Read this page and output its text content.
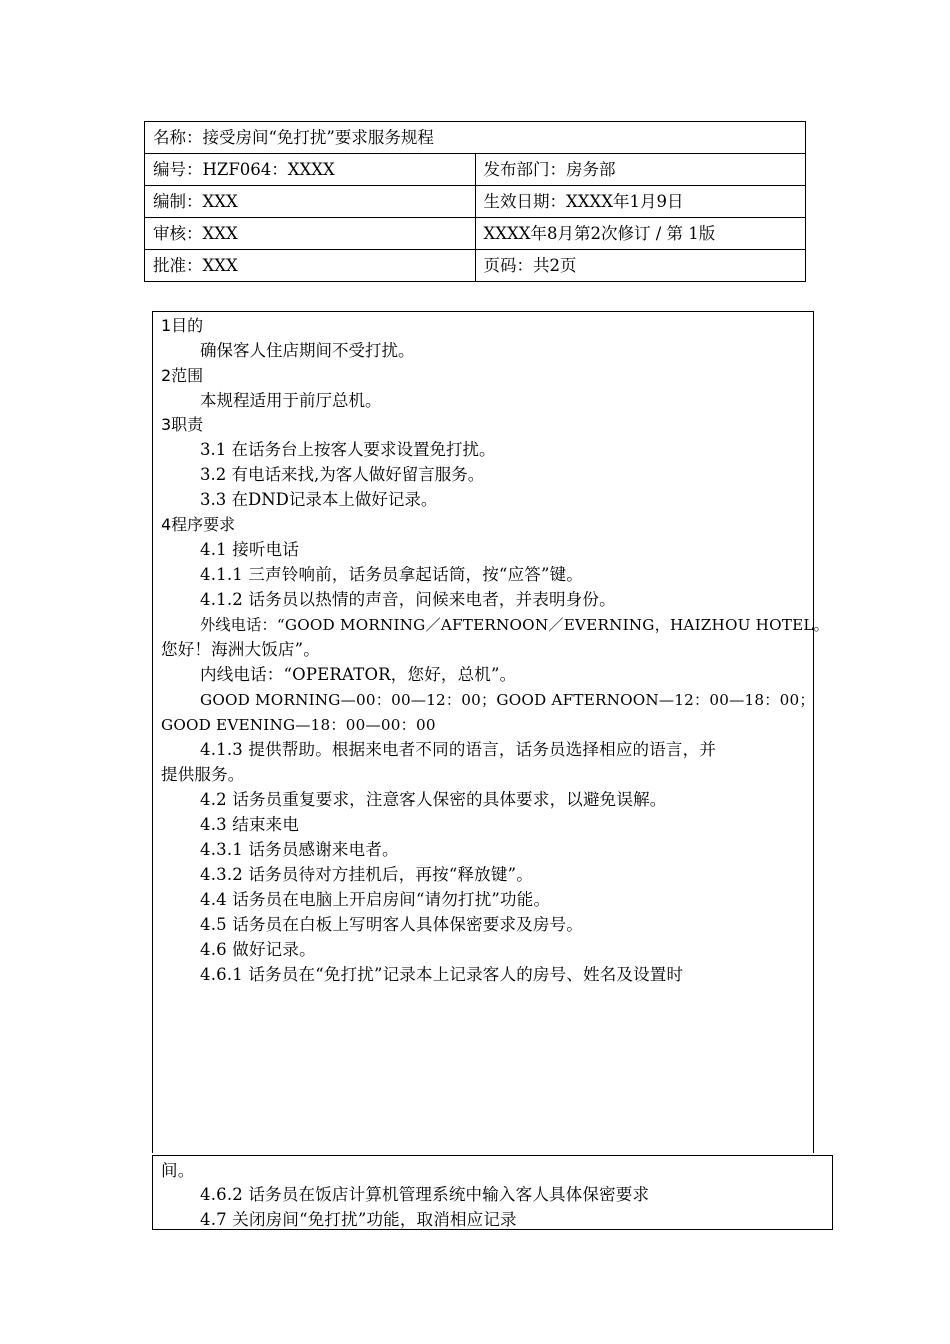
名称：接受房间“免打扰”要求服务规程	
编号：HZF064：XXXX	发布部门：房务部
编制：XXX	生效日期：XXXX年1月9日
审核：XXX	XXXX年8月第2次修订 / 第 1版
批准：XXX	页码：共2页
1目的
确保客人住店期间不受打扰。
2范围
本规程适用于前厅总机。
3职责
3.1 在话务台上按客人要求设置免打扰。
3.2 有电话来找,为客人做好留言服务。
3.3 在DND记录本上做好记录。
4程序要求
4.1 接听电话
4.1.1 三声铃响前，话务员拿起话筒，按“应答”键。
4.1.2 话务员以热情的声音，问候来电者，并表明身份。
外线电话：“GOOD MORNING／AFTERNOON／EVERNING，HAIZHOU HOTEL。
您好！海洲大饭店”。
内线电话：“OPERATOR，您好，总机”。
GOOD MORNING—00：00—12：00；GOOD AFTERNOON—12：00—18：00；
GOOD EVENING—18：00—00：00
4.1.3 提供帮助。根据来电者不同的语言，话务员选择相应的语言，并
提供服务。
4.2 话务员重复要求，注意客人保密的具体要求，以避免误解。
4.3 结束来电
4.3.1 话务员感谢来电者。
4.3.2 话务员待对方挂机后，再按“释放键”。
4.4 话务员在电脑上开启房间“请勿打扰”功能。
4.5 话务员在白板上写明客人具体保密要求及房号。
4.6 做好记录。
4.6.1 话务员在“免打扰”记录本上记录客人的房号、姓名及设置时
间。
4.6.2 话务员在饭店计算机管理系统中输入客人具体保密要求
4.7 关闭房间“免打扰”功能，取消相应记录
